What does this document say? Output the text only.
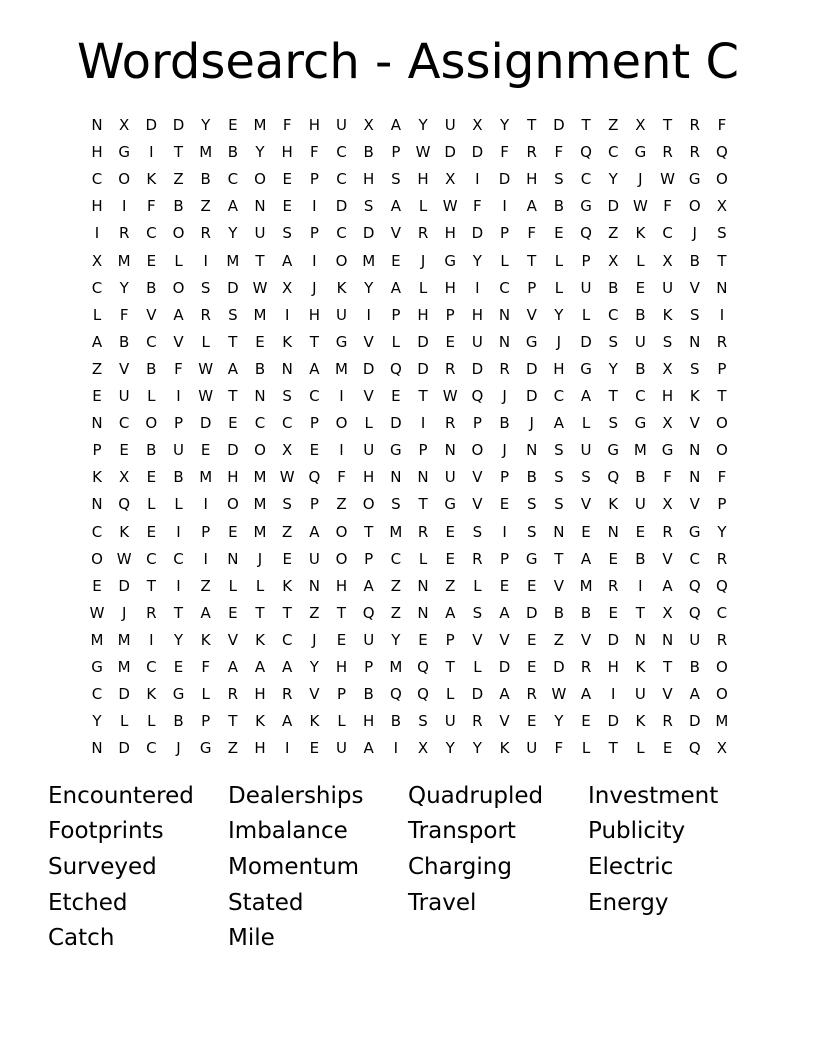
Wordsearch - Assignment C
N	X	D D	Y	E	M	F	H	U	X	A	Y	U	X	Y	T	D	T	Z	X	T	R	F
H G	I	T	M	B	Y	H	F	C	B	P	W D D	F	R	F	Q	C	G	R	R	Q
C	O	K	Z	B	C	O	E	P	C	H	S	H	X	I	D H	S	C	Y	J	W G O
H	I	F	B	Z	A	N	E	I	D	S	A	L	W	F	I	A	B	G D W	F	O	X
I	R	C	O	R	Y	U	S	P	C	D	V	R	H D	P	F	E	Q	Z	K	C	J	S
X	M	E	L	I	M	T	A	I	O M	E	J	G	Y	L	T	L	P	X	L	X	B	T
C	Y	B	O	S	D W X	J	K	Y	A	L	H	I	C	P	L	U	B	E	U	V	N
L	F	V	A	R	S	M	I	H	U	I	P	H	P	H N	V	Y	L	C	B	K	S	I
A	B	C	V	L	T	E	K	T	G	V	L	D	E	U	N G	J	D	S	U	S	N	R
Z	V	B	F	W A	B	N	A	M D Q D	R	D	R	D H G	Y	B	X	S	P
E	U	L	I	W	T	N	S	C	I	V	E	T	W Q	J	D	C	A	T	C	H	K	T
N	C	O	P	D	E	C	C	P	O	L	D	I	R	P	B	J	A	L	S	G	X	V	O
P	E	B	U	E	D O	X	E	I	U	G	P	N O	J	N	S	U	G M G N O
K	X	E	B	M H M W Q	F	H N N	U	V	P	B	S	S	Q	B	F	N	F
N Q	L	L	I	O M	S	P	Z	O	S	T	G	V	E	S	S	V	K	U	X	V	P
C	K	E	I	P	E	M	Z	A	O	T	M	R	E	S	I	S	N	E	N	E	R	G	Y
O W C	C	I	N	J	E	U	O	P	C	L	E	R	P	G	T	A	E	B	V	C	R
E	D	T	I	Z	L	L	K	N H	A	Z	N	Z	L	E	E	V	M	R	I	A	Q Q
W	J	R	T	A	E	T	T	Z	T	Q	Z	N	A	S	A	D	B	B	E	T	X	Q	C
M M	I	Y	K	V	K	C	J	E	U	Y	E	P	V	V	E	Z	V	D N N	U	R
G M	C	E	F	A	A	A	Y	H	P	M Q	T	L	D	E	D	R	H	K	T	B	O
C	D	K	G	L	R	H	R	V	P	B	Q Q	L	D	A	R W A	I	U	V	A	O
Y	L	L	B	P	T	K	A	K	L	H	B	S	U	R	V	E	Y	E	D	K	R	D M
N D	C	J	G	Z	H	I	E	U	A	I	X	Y	Y	K	U	F	L	T	L	E	Q	X
Encountered
Footprints
Surveyed
Etched
Catch
Dealerships
Imbalance
Momentum
Stated
Mile
Quadrupled
Transport
Charging
Travel
Investment
Publicity
Electric
Energy
